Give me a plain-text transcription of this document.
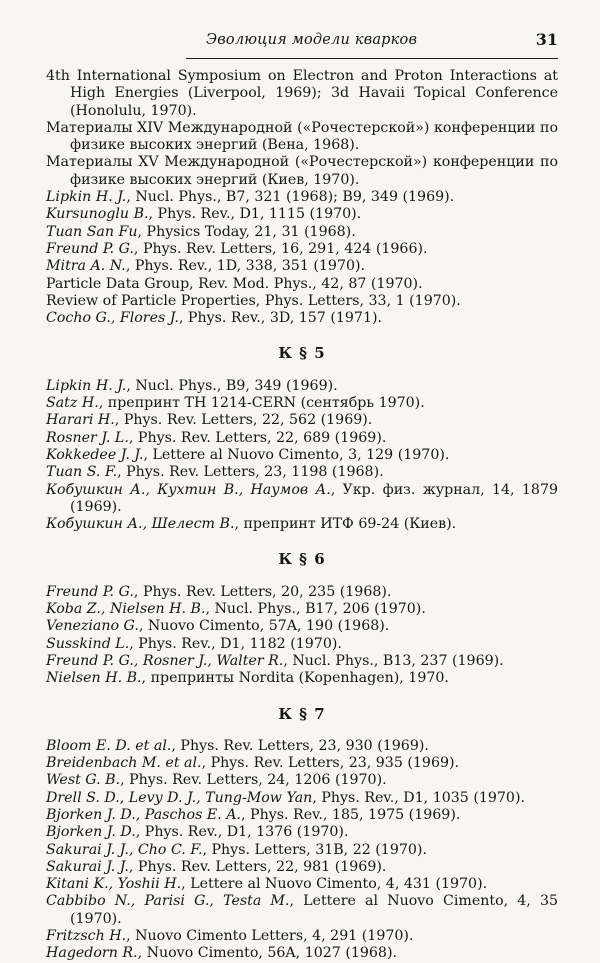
Эволюция модели кварков	31
4th International Symposium on Electron and Proton Interactions at High Energies (Liverpool, 1969); 3d Havaii Topical Conference (Honolulu, 1970).
Материалы XIV Международной («Рочестерской») конференции по физике высоких энергий (Вена, 1968).
Материалы XV Международной («Рочестерской») конференции по физике высоких энергий (Киев, 1970).
Lipkin H. J., Nucl. Phys., B7, 321 (1968); B9, 349 (1969).
Kursunoglu B., Phys. Rev., D1, 1115 (1970).
Tuan San Fu, Physics Today, 21, 31 (1968).
Freund P. G., Phys. Rev. Letters, 16, 291, 424 (1966).
Mitra A. N., Phys. Rev., 1D, 338, 351 (1970).
Particle Data Group, Rev. Mod. Phys., 42, 87 (1970).
Review of Particle Properties, Phys. Letters, 33, 1 (1970).
Cocho G., Flores J., Phys. Rev., 3D, 157 (1971).
К § 5
Lipkin H. J., Nucl. Phys., B9, 349 (1969).
Satz H., препринт TH 1214-CERN (сентябрь 1970).
Harari H., Phys. Rev. Letters, 22, 562 (1969).
Rosner J. L., Phys. Rev. Letters, 22, 689 (1969).
Kokkedee J. J., Lettere al Nuovo Cimento, 3, 129 (1970).
Tuan S. F., Phys. Rev. Letters, 23, 1198 (1968).
Кобушкин А., Кухтин В., Наумов А., Укр. физ. журнал, 14, 1879 (1969).
Кобушкин А., Шелест В., препринт ИТФ 69-24 (Киев).
К § 6
Freund P. G., Phys. Rev. Letters, 20, 235 (1968).
Koba Z., Nielsen H. B., Nucl. Phys., B17, 206 (1970).
Veneziano G., Nuovo Cimento, 57A, 190 (1968).
Susskind L., Phys. Rev., D1, 1182 (1970).
Freund P. G., Rosner J., Walter R., Nucl. Phys., B13, 237 (1969).
Nielsen H. B., препринты Nordita (Kopenhagen), 1970.
К § 7
Bloom E. D. et al., Phys. Rev. Letters, 23, 930 (1969).
Breidenbach M. et al., Phys. Rev. Letters, 23, 935 (1969).
West G. B., Phys. Rev. Letters, 24, 1206 (1970).
Drell S. D., Levy D. J., Tung-Mow Yan, Phys. Rev., D1, 1035 (1970).
Bjorken J. D., Paschos E. A., Phys. Rev., 185, 1975 (1969).
Bjorken J. D., Phys. Rev., D1, 1376 (1970).
Sakurai J. J., Cho C. F., Phys. Letters, 31B, 22 (1970).
Sakurai J. J., Phys. Rev. Letters, 22, 981 (1969).
Kitani K., Yoshii H., Lettere al Nuovo Cimento, 4, 431 (1970).
Cabbibo N., Parisi G., Testa M., Lettere al Nuovo Cimento, 4, 35 (1970).
Fritzsch H., Nuovo Cimento Letters, 4, 291 (1970).
Hagedorn R., Nuovo Cimento, 56A, 1027 (1968).
